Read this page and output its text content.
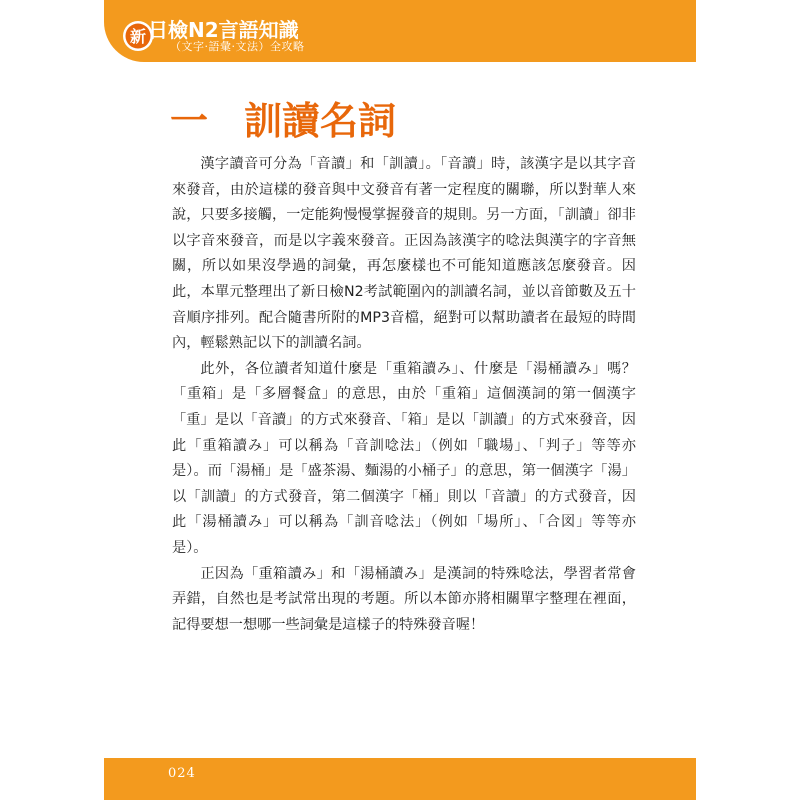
新 日檢N2言語知識
（文字‧語彙‧文法）全攻略
一 訓讀名詞

漢字讀音可分為「音讀」和「訓讀」。「音讀」時，該漢字是以其字音來發音，由於這樣的發音與中文發音有著一定程度的關聯，所以對華人來說，只要多接觸，一定能夠慢慢掌握發音的規則。另一方面，「訓讀」卻非以字音來發音，而是以字義來發音。正因為該漢字的唸法與漢字的字音無關，所以如果沒學過的詞彙，再怎麼樣也不可能知道應該怎麼發音。因此，本單元整理出了新日檢N2考試範圍內的訓讀名詞，並以音節數及五十音順序排列。配合隨書所附的MP3音檔，絕對可以幫助讀者在最短的時間內，輕鬆熟記以下的訓讀名詞。

此外，各位讀者知道什麼是「重箱讀み」、什麼是「湯桶讀み」嗎？「重箱」是「多層餐盒」的意思，由於「重箱」這個漢詞的第一個漢字「重」是以「音讀」的方式來發音、「箱」是以「訓讀」的方式來發音，因此「重箱讀み」可以稱為「音訓唸法」（例如「職場」、「判子」等等亦是）。而「湯桶」是「盛茶湯、麵湯的小桶子」的意思，第一個漢字「湯」以「訓讀」的方式發音，第二個漢字「桶」則以「音讀」的方式發音，因此「湯桶讀み」可以稱為「訓音唸法」（例如「場所」、「合図」等等亦是）。

正因為「重箱讀み」和「湯桶讀み」是漢詞的特殊唸法，學習者常會弄錯，自然也是考試常出現的考題。所以本節亦將相關單字整理在裡面，記得要想一想哪一些詞彙是這樣子的特殊發音喔！

024
